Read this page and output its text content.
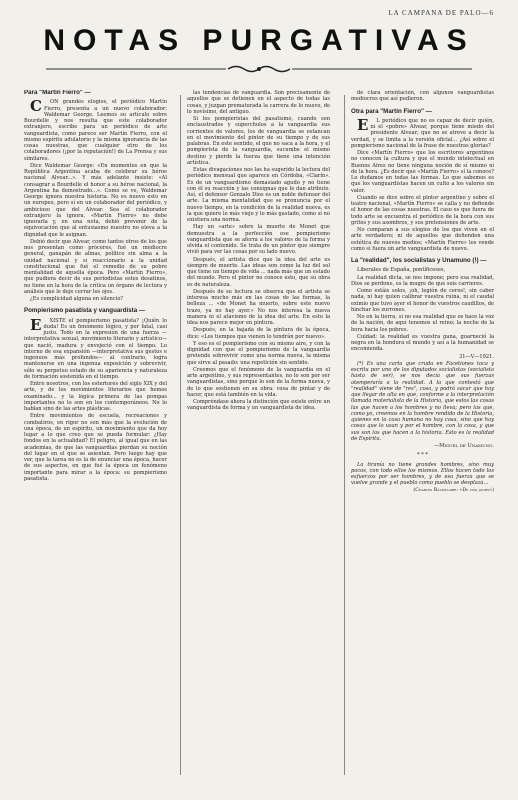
LA CAMPANA DE PALO—6
NOTAS PURGATIVAS

Para "Martín Fierro" —

C ON grandes elogios, el periódico Martín Fierro, presenta a un nuevo colaborador: Waldemar George. Leemos su artículo sobre Bourdelle y nos resulta que este colaborador extranjero, escribe para un periódico de arte vanguardista, como parece ser Martín Fierro, con el mismo espíritu adulatorio y la misma ignorancia de las cosas nuestras, que cualquier otro de los colaboradores (¡por la reputación!) de La Prensa y sus similares.

Dice Waldemar George: «En momentos en que la República Argentina acaba de celebrar su héroe nacional Alvear...». Y más adelante insiste: «Al consagrar a Bourdelle el honor a su héroe nacional, la Argentina ha demostrado...». Como se ve, Waldemar George ignora nuestra historia. No es nuevo esto en un europeo, pero sí en un colaborador del periódico, y ambicioso que del Alvear. Sea el colaborador extranjero la ignora, «Martín Fierro» no debe ignorarla y, en una nota, debió prevenir de la equivocación que al entusiasmo nuestro no eleva a la dignidad que le asignan.

Debió decir que Alvear, como tantos otros de los que nos presentan como próceres, fué un mediocre general, ganapán de almas, político sin alma a la unidad nacional y si reaccionario a la unidad constitucional que fué el remedio de su pobre mentalidad de aquella época. Pero «Martín Fierro», que pudiera decir de sus periodistas estos desatinos, no tiene en la hora de la crítica un órgano de lectura y análisis que le deje cerrar los ojos.

¿Es complicidad alguna en silencio?

Pompierismo pasatista y vanguardista —

E XISTE el pompierismo pasatista? ¡Quién lo duda! Es un fenómeno lógico, y por fatal, casi justo. Todo en la expresión de una fuerza —interpretativa sexual, movimiento literario y artístico— que nació, madura y envejeció con el tiempo. Lo interno de esa expansión —interpretativa sus gestos e ingenuos más profundos— al contrario, logra mantenerse en una ingenua exposición y sobrevivir, sólo su perpetuo estado de su apariencia y naturaleza de formación sostenida en el tiempo.

Entre nosotros, con los estertores del siglo XIX y del arte, y de los movimientos literarios que hemos examinado... y la lógica primera de las pompas importantes no lo son en los contemporáneos. No lo hablan sino de las artes plásticas.

Entre movimientos de escuela, recreaciones y combatiros, en rigor no son más que la evolución de una época, de un espíritu, un movimiento que da hoy lugar a lo que creo que se pueda formular: ¿Hay fondos en la actualidad? El peligro, al igual que en las academias, de que las vanguardias pierdan su noción del lugar en el que se asientan. Pero luego hay que ver, que la tarea no es la de enunciar una época, hacer de sus aspectos, en que fué la época un fenómeno importante para mirar a la época: su pompierismo pasatista.

las tendencias de vanguardia. Son precisamente de aquellos que se detienen en el aspecto de todas las cosas, y juzgan prematurada la carrera de lo nuevo, de lo novísimo, del antiguo.

Si los pompieristas del pasatismo, cuando son enclaustrados y superchulos a la vanguardia sus corrientes de valores, los de vanguardia se estancan en el movimiento del pintor de su tiempo y de sus palabras. En este sentido, el que no saca a la hora, y el pompierista de la vanguardia, sucumbe el mismo destino y pierde la fuerza que tiene una intención artística.

Estas divagaciones nos las ha sugerido la lectura del periódico mensual que aparece en Córdoba, «Clarín». Es de un vanguardismo demasiado agudo y no tiene con él su reacción y las consignas que le dan atributo. Así, el defensor Gonzalo Dios es un noble defensor del arte. La misma mentalidad que se pronuncia por el nuevo tiempo, en la condición de la realidad nueva, es la que quiere lo más viejo y lo más gastado, como si no existiera una norma.

Hay un «arte» sobre la muerte de Monet que demuestra a la perfección ese pompierismo vanguardista que se aferra a los valores de la forma y olvida el contenido. Se trata de un pintor que siempre vivió para ver las cosas por su lado nuevo.

Después, el artista dice que la idea del arte es siempre de muerte. Las ideas son como la luz del sol que tiene un tiempo de vida ... nada más que un estado del mundo. Pero el pintor no conoce esto, que su obra es de naturaleza.

Después de su lectura se observa que el artista se interesa mucho más en las cosas de las formas, la belleza ... «de Monet ha muerto, sobre este nuevo trazo, ya no hay ayer.» No nos interesa la nueva manera ni el atavismo de la idea del arte. En esto la idea nos parece mejor en pintura.

Después, en la bajada de la pintura de la época, dice: «Los tiempos que vienen lo tendrán por nuevo».

Y eso es el pompierismo con su mismo aire, y con la dignidad con que el pompierismo de la vanguardia pretende sobrevivir como una norma nueva, la misma que sirve al pasado: una repetición sin sentido.

Creemos que el fenómeno de la vanguardia en el arte argentino, y sus representantes, no lo son por ser vanguardistas, sino porque lo son de la forma nueva, y de lo que sostienen en su obra: cosa de pintar y de hacer, que está también en la vida.

Compréndase ahora la distinción que existe entre un vanguardista de forma y un vanguardista de idea.

de clara orientación, con algunos vanguardistas mediocres que así pudieron.

Otra para "Martín Fierro" —

E L periódico que no es capaz de decir quién, ni el «pobre» Alvear, porque tiene miedo del presidente Alvear; que no se atreve a decir la verdad, y se limita a la versión oficial... ¿Así sobre el pompierismo nacional de la frase de nuestras glorias?

Dice «Martín Fierro» que los escritores argentinos no conocen la cultura y que el mundo intelectual en Buenos Aires no tiene ninguna noción de sí mismo ni de la hora. ¿Es decir que «Martín Fierro» sí la conoce? Lo dudamos en todas las formas. Lo que sabemos es que los vanguardistas hacen un culto a los valores sin valor.

Cuando se dice sobre el pintor argentino y sobre el teatro nacional, «Martín Fierro» se calla y no defiende el honor de las cosas nuestras. El caso es que fuera de todo arte se encuentra el periódico de la hora con sus gritos y sus asombros, y sus pretensiones de arte.

No comparan a sus elogios de los que viven en el arte verdadero; ni de aquellos que defienden una estética de nuevos medios; «Martín Fierro» los vende como si fuera un arte vanguardista de nuevo.

La "realidad", los socialistas y Unamuno (!) —

Liberales de España, pontíficeses,

La realidad dicta, se nos impone; pero esa realidad, Dios se perdone, es la mugre de que sois carrieres.

Como estáis solos, ¡oh, legión de ceros!, sin caber nada, ni hay quien calibrar vuestra ruina, ni el caudal eximio que tuvo ayer el honor de vuestros caudillos, de hinchar los zurrones.

No en la tierra, si no esa realidad que os hace la voz de la nación, de aquí tenemos el reino; la noche de la hora hacia los pobres.

Cuidad: la realidad es vuestra gana, guarneció la negra en la hondura el mundo y así a la humanidad se encomienda.

31—V—1921.

(*) Es una carta que cruda en Facetiones toca y escrita por uno de los diputados socialistas (socialista hasta de ser), se nos decía que sus fuerzas atemperaría a la realidad. A la que contestó que "realidad" viene de "res", cosa, y podrá sacar que hay que llegar de alta en que, conforme a la interpretación llamada materialista de la Historia, que estos las cosas las que hacen a los hombres y no lleva; pero las que, como yo, creemos en la hombre rendido de la Historia, quienes en la cosa humana no hay cosa, sino que hay cosas que lo usan y por el hombre, con la cosa, y que sus son las que hacen a la historia. Esto es la realidad de Espíritu.

—Miguel de Unamuno.

* * *

La tiranía no tiene grandes hombres, sino muy pocos, con todo ellos los mismos. Ellos hacen todo los esfuerzos por ser hombres, y de esa fuerza que se vuelve grande y el pueblo como pueblo se desplaza...

(Charles Baudelaire: «De nos jours»)
